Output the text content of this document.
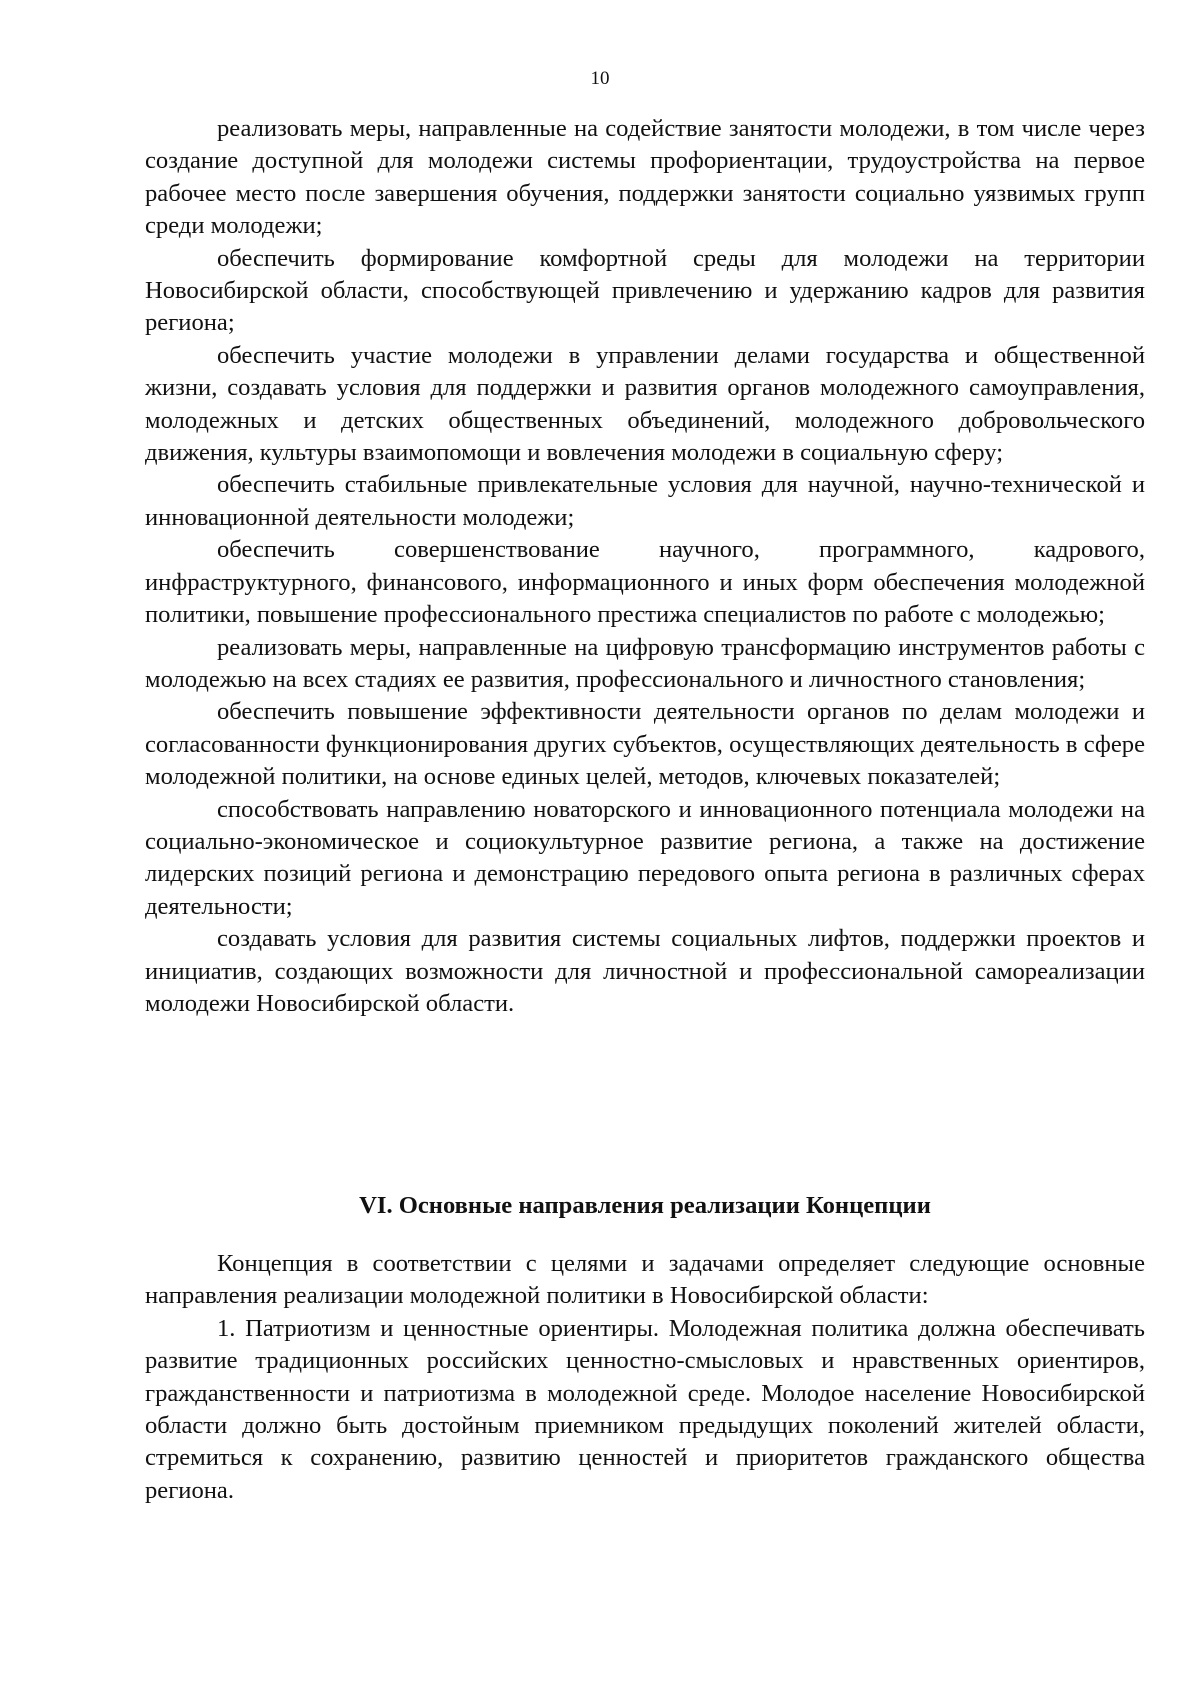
10

реализовать меры, направленные на содействие занятости молодежи, в том числе через создание доступной для молодежи системы профориентации, трудоустройства на первое рабочее место после завершения обучения, поддержки занятости социально уязвимых групп среди молодежи;

обеспечить формирование комфортной среды для молодежи на территории Новосибирской области, способствующей привлечению и удержанию кадров для развития региона;

обеспечить участие молодежи в управлении делами государства и общественной жизни, создавать условия для поддержки и развития органов молодежного самоуправления, молодежных и детских общественных объединений, молодежного добровольческого движения, культуры взаимопомощи и вовлечения молодежи в социальную сферу;

обеспечить стабильные привлекательные условия для научной, научно-технической и инновационной деятельности молодежи;

обеспечить совершенствование научного, программного, кадрового, инфраструктурного, финансового, информационного и иных форм обеспечения молодежной политики, повышение профессионального престижа специалистов по работе с молодежью;

реализовать меры, направленные на цифровую трансформацию инструментов работы с молодежью на всех стадиях ее развития, профессионального и личностного становления;

обеспечить повышение эффективности деятельности органов по делам молодежи и согласованности функционирования других субъектов, осуществляющих деятельность в сфере молодежной политики, на основе единых целей, методов, ключевых показателей;

способствовать направлению новаторского и инновационного потенциала молодежи на социально-экономическое и социокультурное развитие региона, а также на достижение лидерских позиций региона и демонстрацию передового опыта региона в различных сферах деятельности;

создавать условия для развития системы социальных лифтов, поддержки проектов и инициатив, создающих возможности для личностной и профессиональной самореализации молодежи Новосибирской области.

VI. Основные направления реализации Концепции

Концепция в соответствии с целями и задачами определяет следующие основные направления реализации молодежной политики в Новосибирской области:

1. Патриотизм и ценностные ориентиры. Молодежная политика должна обеспечивать развитие традиционных российских ценностно-смысловых и нравственных ориентиров, гражданственности и патриотизма в молодежной среде. Молодое население Новосибирской области должно быть достойным приемником предыдущих поколений жителей области, стремиться к сохранению, развитию ценностей и приоритетов гражданского общества региона.
